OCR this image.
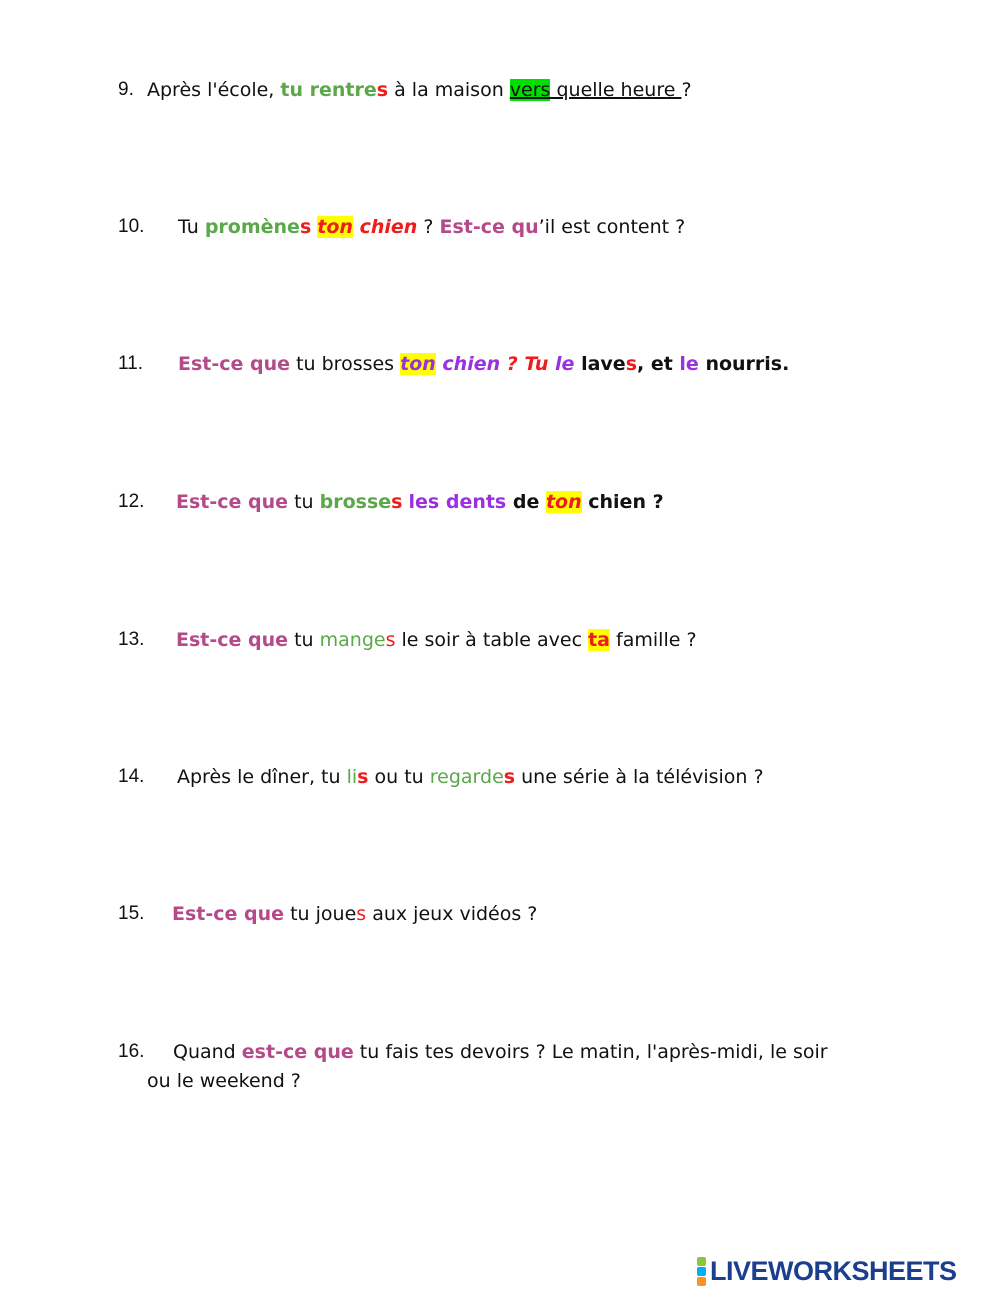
9. Après l'école, tu rentres à la maison vers quelle heure ?
10. Tu promènes ton chien ? Est-ce qu’il est content ?
11. Est-ce que tu brosses ton chien ? Tu le laves, et le nourris.
12. Est-ce que tu brosses les dents de ton chien ?
13. Est-ce que tu manges le soir à table avec ta famille ?
14. Après le dîner, tu lis ou tu regardes une série à la télévision ?
15. Est-ce que tu joues aux jeux vidéos ?
16. Quand est-ce que tu fais tes devoirs ? Le matin, l'après-midi, le soir
ou le weekend ?
LIVEWORKSHEETS
